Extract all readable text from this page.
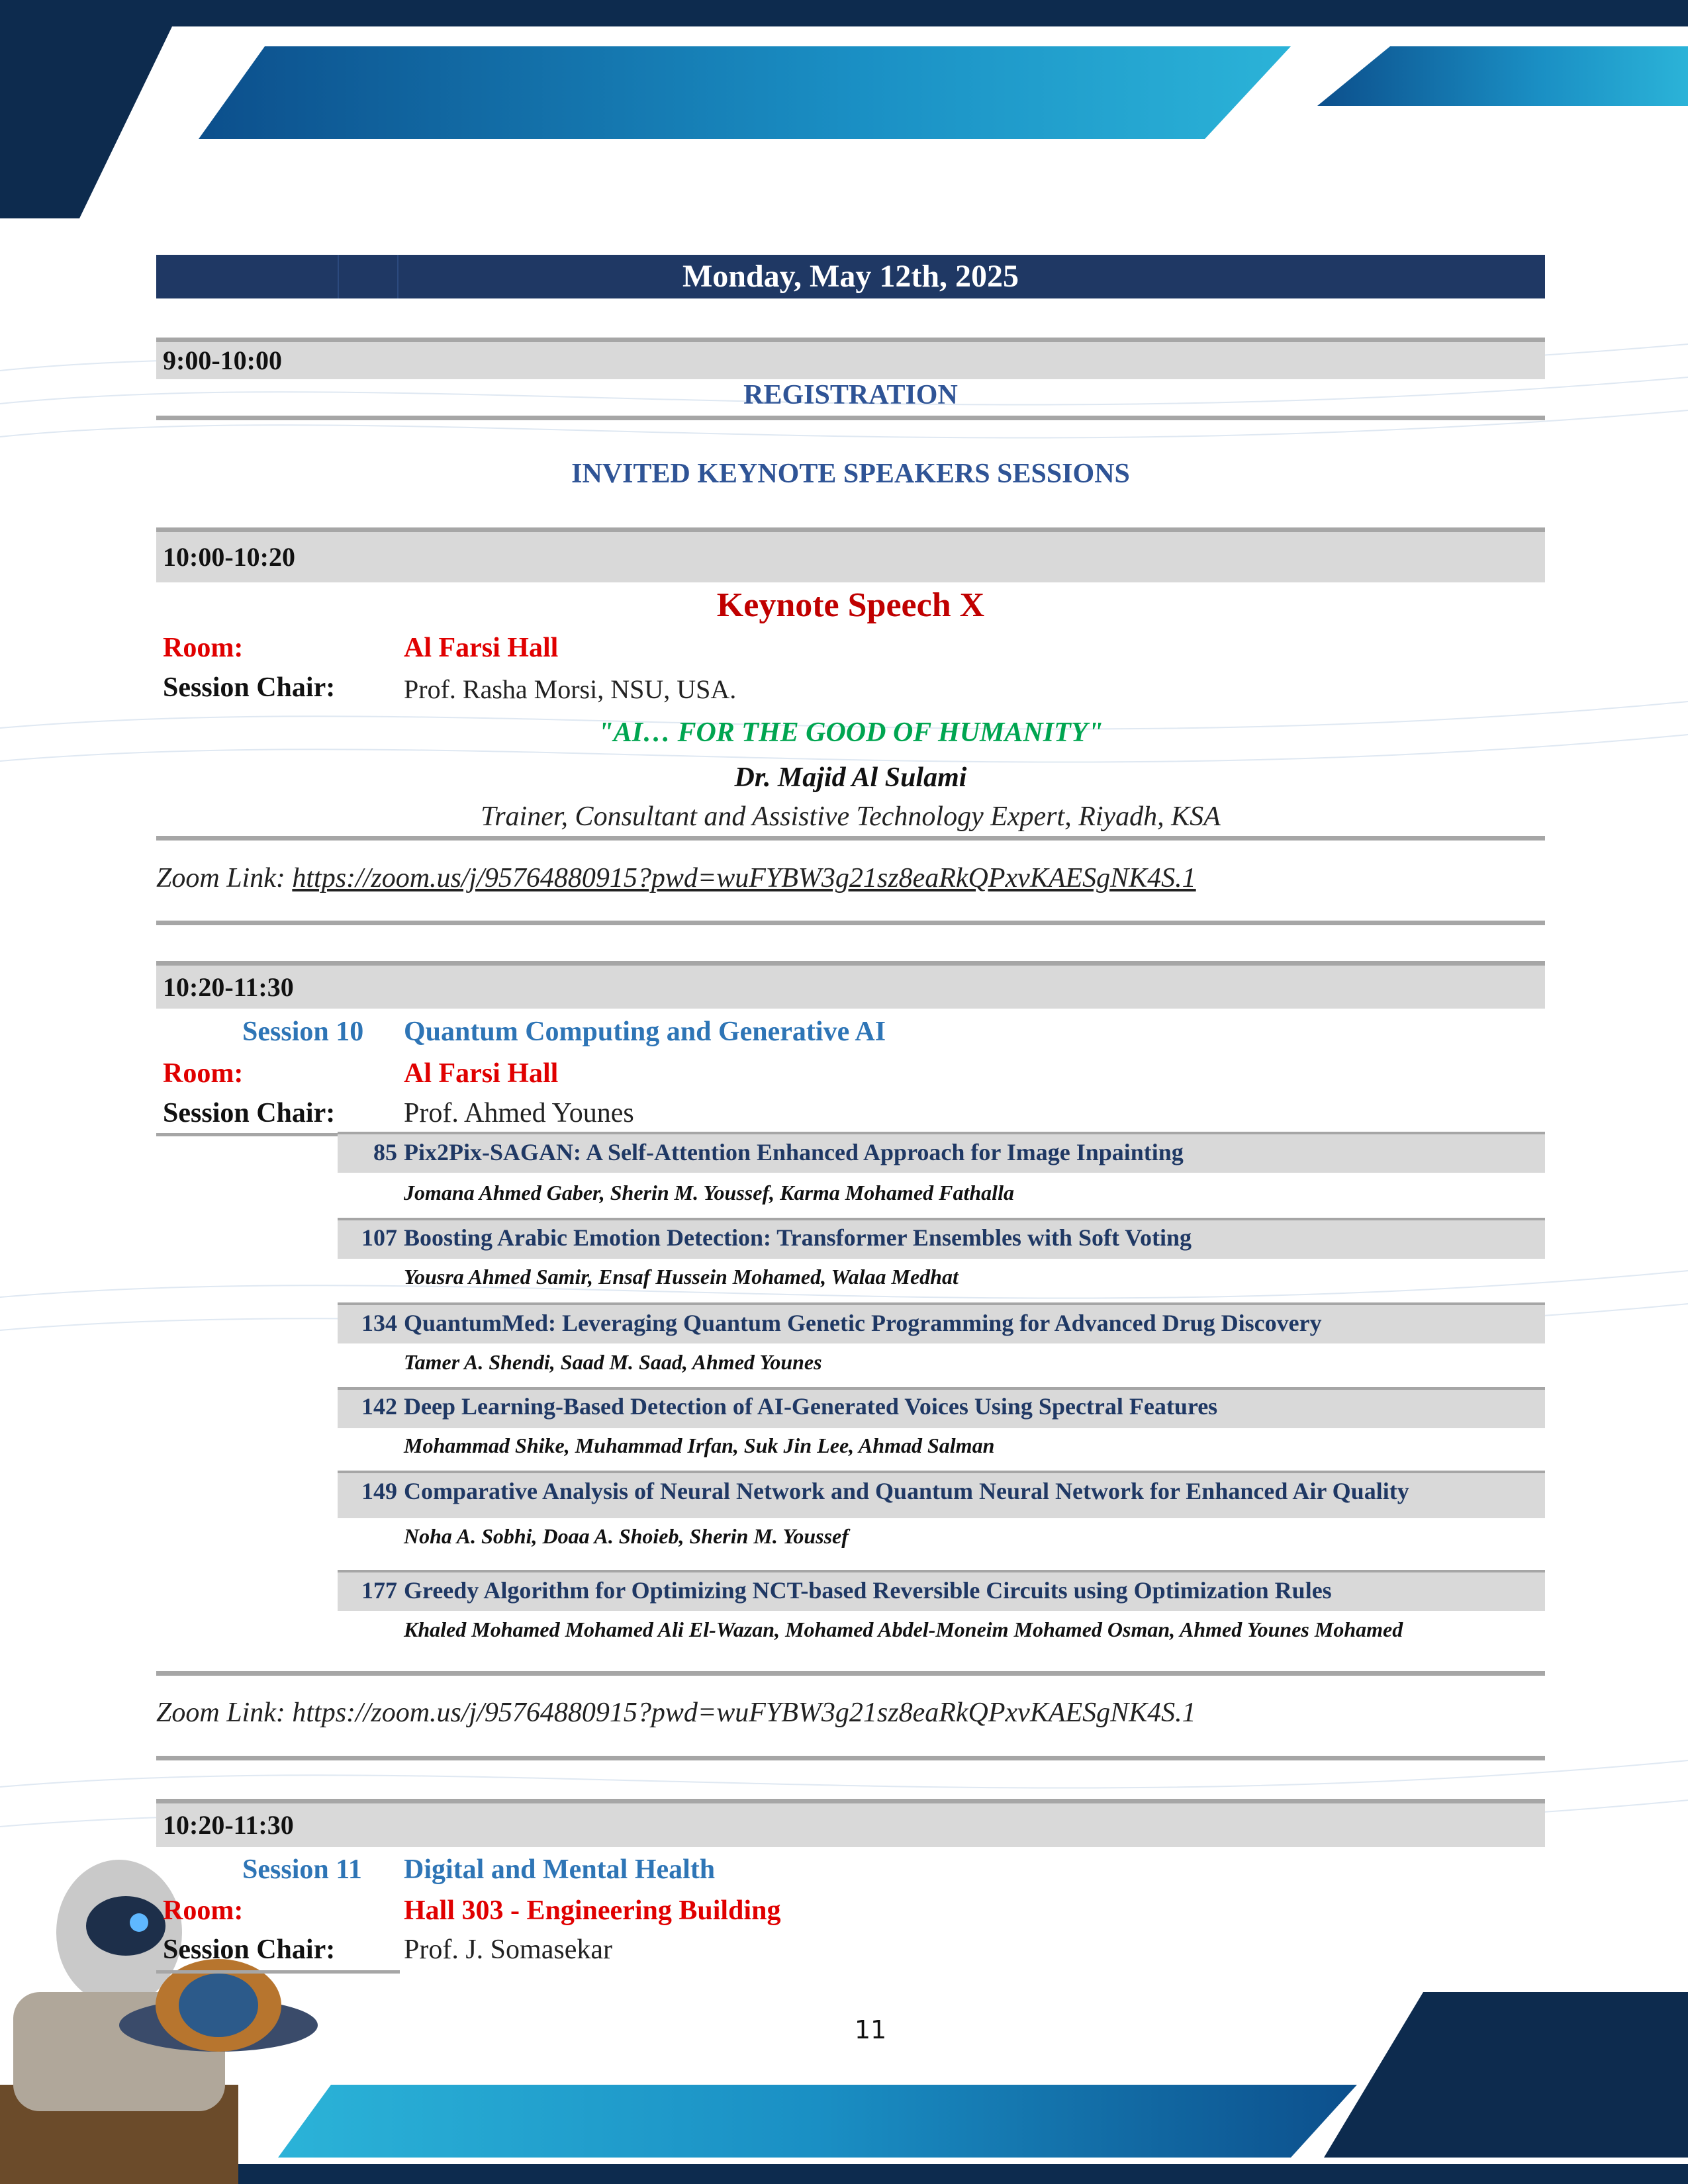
Monday, May 12th, 2025
9:00-10:00
REGISTRATION
INVITED KEYNOTE SPEAKERS SESSIONS
10:00-10:20
Keynote Speech X
Room:	Al Farsi Hall
Session Chair:	Prof. Rasha Morsi, NSU, USA.
"AI… FOR THE GOOD OF HUMANITY"
Dr. Majid Al Sulami
Trainer, Consultant and Assistive Technology Expert, Riyadh, KSA
Zoom Link: https://zoom.us/j/95764880915?pwd=wuFYBW3g21sz8eaRkQPxvKAESgNK4S.1
10:20-11:30
Session 10 Quantum Computing and Generative AI
Room:	Al Farsi Hall
Session Chair: Prof. Ahmed Younes
85 Pix2Pix-SAGAN: A Self-Attention Enhanced Approach for Image Inpainting
Jomana Ahmed Gaber, Sherin M. Youssef, Karma Mohamed Fathalla
107 Boosting Arabic Emotion Detection: Transformer Ensembles with Soft Voting
Yousra Ahmed Samir, Ensaf Hussein Mohamed, Walaa Medhat
134 QuantumMed: Leveraging Quantum Genetic Programming for Advanced Drug Discovery
Tamer A. Shendi, Saad M. Saad, Ahmed Younes
142 Deep Learning-Based Detection of AI-Generated Voices Using Spectral Features
Mohammad Shike, Muhammad Irfan, Suk Jin Lee, Ahmad Salman
149 Comparative Analysis of Neural Network and Quantum Neural Network for Enhanced Air Quality
Noha A. Sobhi, Doaa A. Shoieb, Sherin M. Youssef
177 Greedy Algorithm for Optimizing NCT-based Reversible Circuits using Optimization Rules
Khaled Mohamed Mohamed Ali El-Wazan, Mohamed Abdel-Moneim Mohamed Osman, Ahmed Younes Mohamed
Zoom Link: https://zoom.us/j/95764880915?pwd=wuFYBW3g21sz8eaRkQPxvKAESgNK4S.1
10:20-11:30
Session 11 Digital and Mental Health
Room:	Hall 303 - Engineering Building
Session Chair: Prof. J. Somasekar
11
